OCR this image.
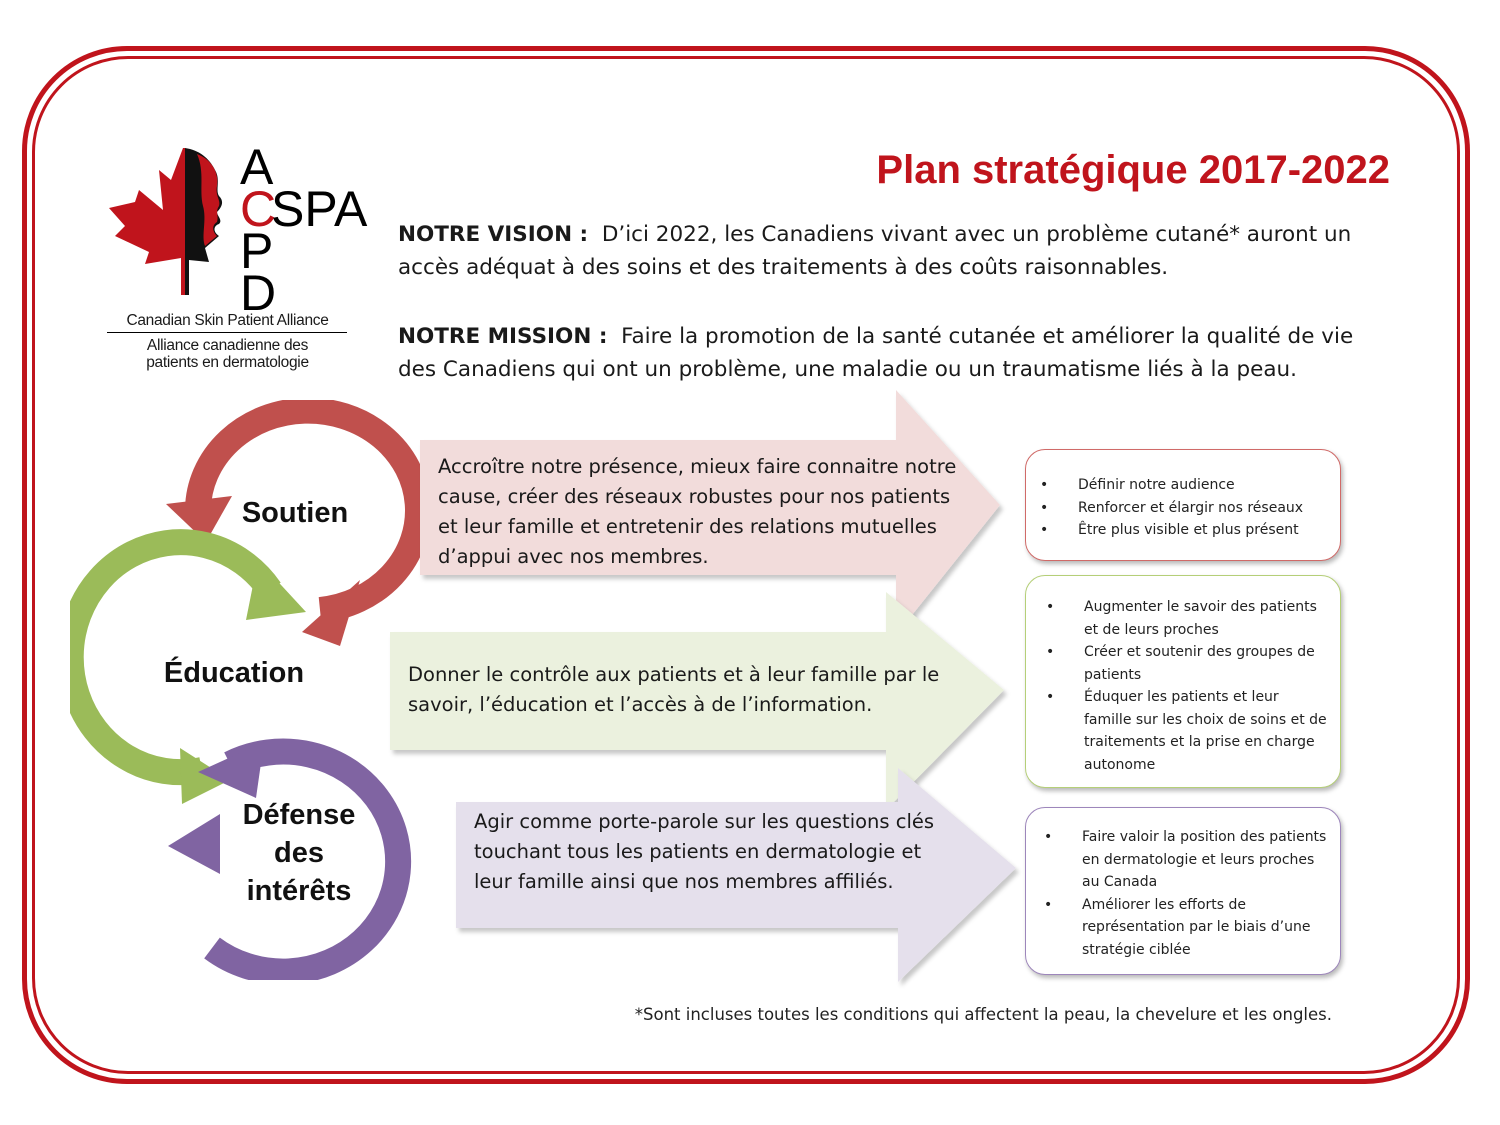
A
C
SPA
P
D
Canadian Skin Patient Alliance
Alliance canadienne des
patients en dermatologie
Plan stratégique 2017-2022
NOTRE VISION : D’ici 2022, les Canadiens vivant avec un problème cutané* auront un accès adéquat à des soins et des traitements à des coûts raisonnables.
NOTRE MISSION : Faire la promotion de la santé cutanée et améliorer la qualité de vie des Canadiens qui ont un problème, une maladie ou un traumatisme liés à la peau.
Soutien
Éducation
Défense
des
intérêts
Accroître notre présence, mieux faire connaitre notre cause, créer des réseaux robustes pour nos patients et leur famille et entretenir des relations mutuelles d’appui avec nos membres.
Donner le contrôle aux patients et à leur famille par le savoir, l’éducation et l’accès à de l’information.
Agir comme porte-parole sur les questions clés touchant tous les patients en dermatologie et leur famille ainsi que nos membres affiliés.
• Définir notre audience
• Renforcer et élargir nos réseaux
• Être plus visible et plus présent
• Augmenter le savoir des patients et de leurs proches
• Créer et soutenir des groupes de patients
• Éduquer les patients et leur famille sur les choix de soins et de traitements et la prise en charge autonome
• Faire valoir la position des patients en dermatologie et leurs proches au Canada
• Améliorer les efforts de représentation par le biais d’une stratégie ciblée
*Sont incluses toutes les conditions qui affectent la peau, la chevelure et les ongles.
